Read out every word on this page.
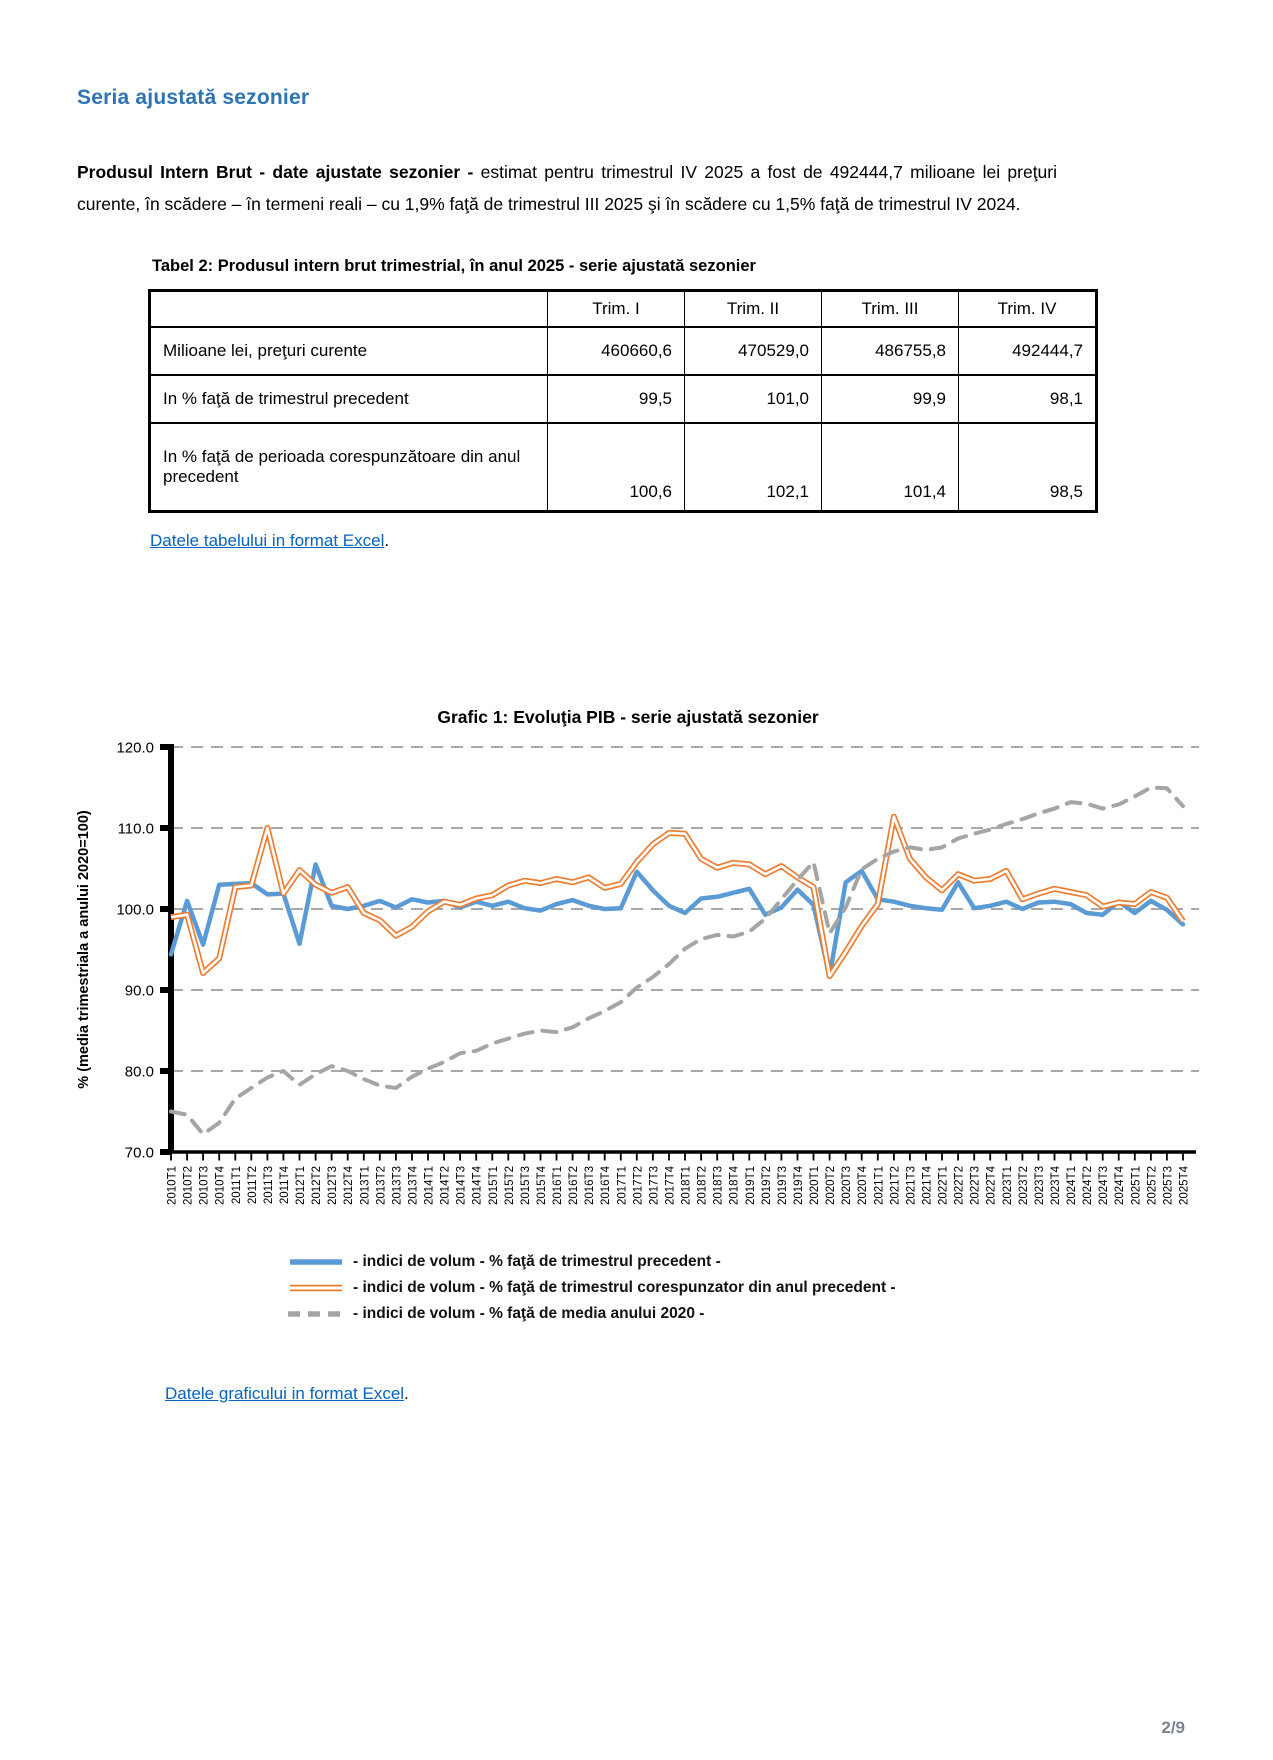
Seria ajustată sezonier

Produsul Intern Brut - date ajustate sezonier - estimat pentru trimestrul IV 2025 a fost de 492444,7 milioane lei preţuri curente, în scădere – în termeni reali – cu 1,9% faţă de trimestrul III 2025 şi în scădere cu 1,5% faţă de trimestrul IV 2024.

Tabel 2: Produsul intern brut trimestrial, în anul 2025 - serie ajustată sezonier
	Trim. I	Trim. II	Trim. III	Trim. IV
Milioane lei, preţuri curente	460660,6	470529,0	486755,8	492444,7
In % faţă de trimestrul precedent	99,5	101,0	99,9	98,1
In % faţă de perioada corespunzătoare din anul precedent	100,6	102,1	101,4	98,5
Datele tabelului in format Excel.
Grafic 1: Evoluţia PIB - serie ajustată sezonier
70.0
80.0
90.0
100.0
110.0
120.0
2010T1 2010T2 2010T3 2010T4 2011T1 2011T2 2011T3 2011T4 2012T1 2012T2 2012T3 2012T4 2013T1 2013T2 2013T3 2013T4 2014T1 2014T2 2014T3 2014T4 2015T1 2015T2 2015T3 2015T4 2016T1 2016T2 2016T3 2016T4 2017T1 2017T2 2017T3 2017T4 2018T1 2018T2 2018T3 2018T4 2019T1 2019T2 2019T3 2019T4 2020T1 2020T2 2020T3 2020T4 2021T1 2021T2 2021T3 2021T4 2022T1 2022T2 2022T3 2022T4 2023T1 2023T2 2023T3 2023T4 2024T1 2024T2 2024T3 2024T4 2025T1 2025T2 2025T3 2025T4
% (media trimestriala a anului 2020=100)
- indici de volum - % faţă de trimestrul precedent -
- indici de volum - % faţă de trimestrul corespunzator din anul precedent -
- indici de volum - % faţă de media anului 2020 -
Datele graficului in format Excel.
2/9
